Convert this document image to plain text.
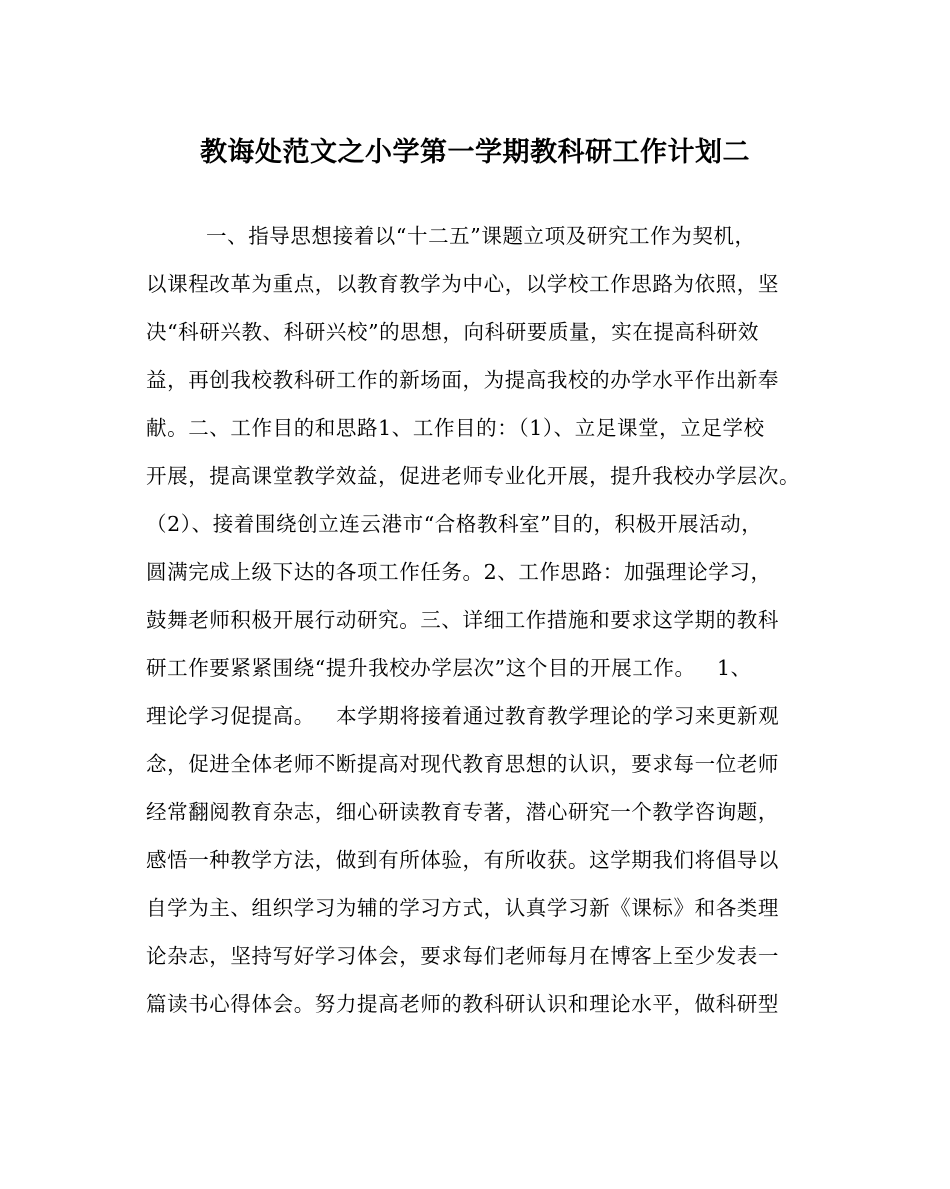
教诲处范文之小学第一学期教科研工作计划二
一、指导思想接着以“十二五”课题立项及研究工作为契机，
以课程改革为重点，以教育教学为中心，以学校工作思路为依照，坚
决“科研兴教、科研兴校”的思想，向科研要质量，实在提高科研效
益，再创我校教科研工作的新场面，为提高我校的办学水平作出新奉
献。二、工作目的和思路1、工作目的：（1）、立足课堂，立足学校
开展，提高课堂教学效益，促进老师专业化开展，提升我校办学层次。
（2）、接着围绕创立连云港市“合格教科室”目的，积极开展活动，
圆满完成上级下达的各项工作任务。2、工作思路：加强理论学习，
鼓舞老师积极开展行动研究。三、详细工作措施和要求这学期的教科
研工作要紧紧围绕“提升我校办学层次”这个目的开展工作。   1、
理论学习促提高。   本学期将接着通过教育教学理论的学习来更新观
念，促进全体老师不断提高对现代教育思想的认识，要求每一位老师
经常翻阅教育杂志，细心研读教育专著，潜心研究一个教学咨询题，
感悟一种教学方法，做到有所体验，有所收获。这学期我们将倡导以
自学为主、组织学习为辅的学习方式，认真学习新《课标》和各类理
论杂志，坚持写好学习体会，要求每们老师每月在博客上至少发表一
篇读书心得体会。努力提高老师的教科研认识和理论水平，做科研型
